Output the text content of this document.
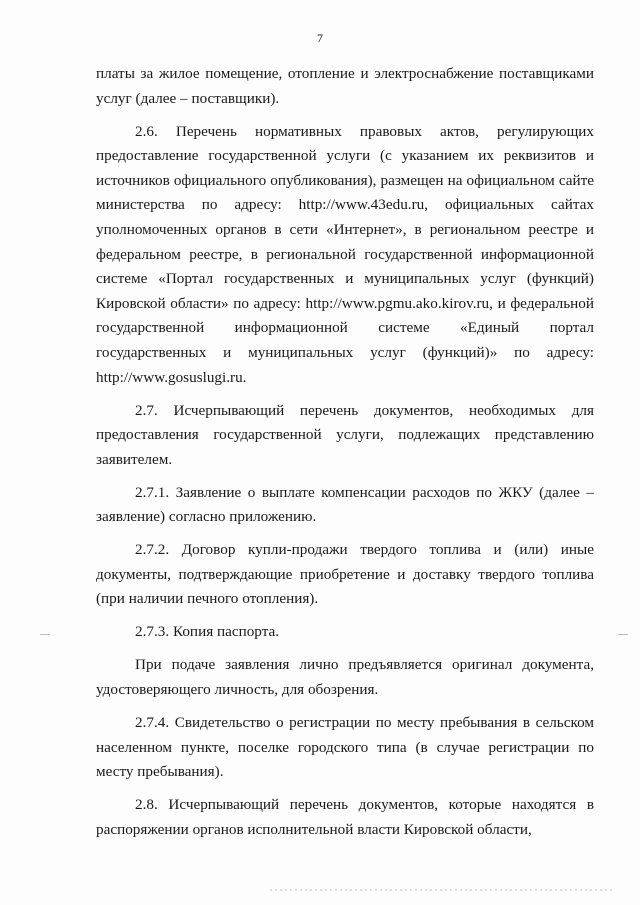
7

платы за жилое помещение, отопление и электроснабжение поставщиками услуг (далее – поставщики).

2.6. Перечень нормативных правовых актов, регулирующих предоставление государственной услуги (с указанием их реквизитов и источников официального опубликования), размещен на официальном сайте министерства по адресу: http://www.43edu.ru, официальных сайтах уполномоченных органов в сети «Интернет», в региональном реестре и федеральном реестре, в региональной государственной информационной системе «Портал государственных и муниципальных услуг (функций) Кировской области» по адресу: http://www.pgmu.ako.kirov.ru, и федеральной государственной информационной системе «Единый портал государственных и муниципальных услуг (функций)» по адресу: http://www.gosuslugi.ru.

2.7. Исчерпывающий перечень документов, необходимых для предоставления государственной услуги, подлежащих представлению заявителем.

2.7.1. Заявление о выплате компенсации расходов по ЖКУ (далее – заявление) согласно приложению.

2.7.2. Договор купли-продажи твердого топлива и (или) иные документы, подтверждающие приобретение и доставку твердого топлива (при наличии печного отопления).

2.7.3. Копия паспорта.

При подаче заявления лично предъявляется оригинал документа, удостоверяющего личность, для обозрения.

2.7.4. Свидетельство о регистрации по месту пребывания в сельском населенном пункте, поселке городского типа (в случае регистрации по месту пребывания).

2.8. Исчерпывающий перечень документов, которые находятся в распоряжении органов исполнительной власти Кировской области,
